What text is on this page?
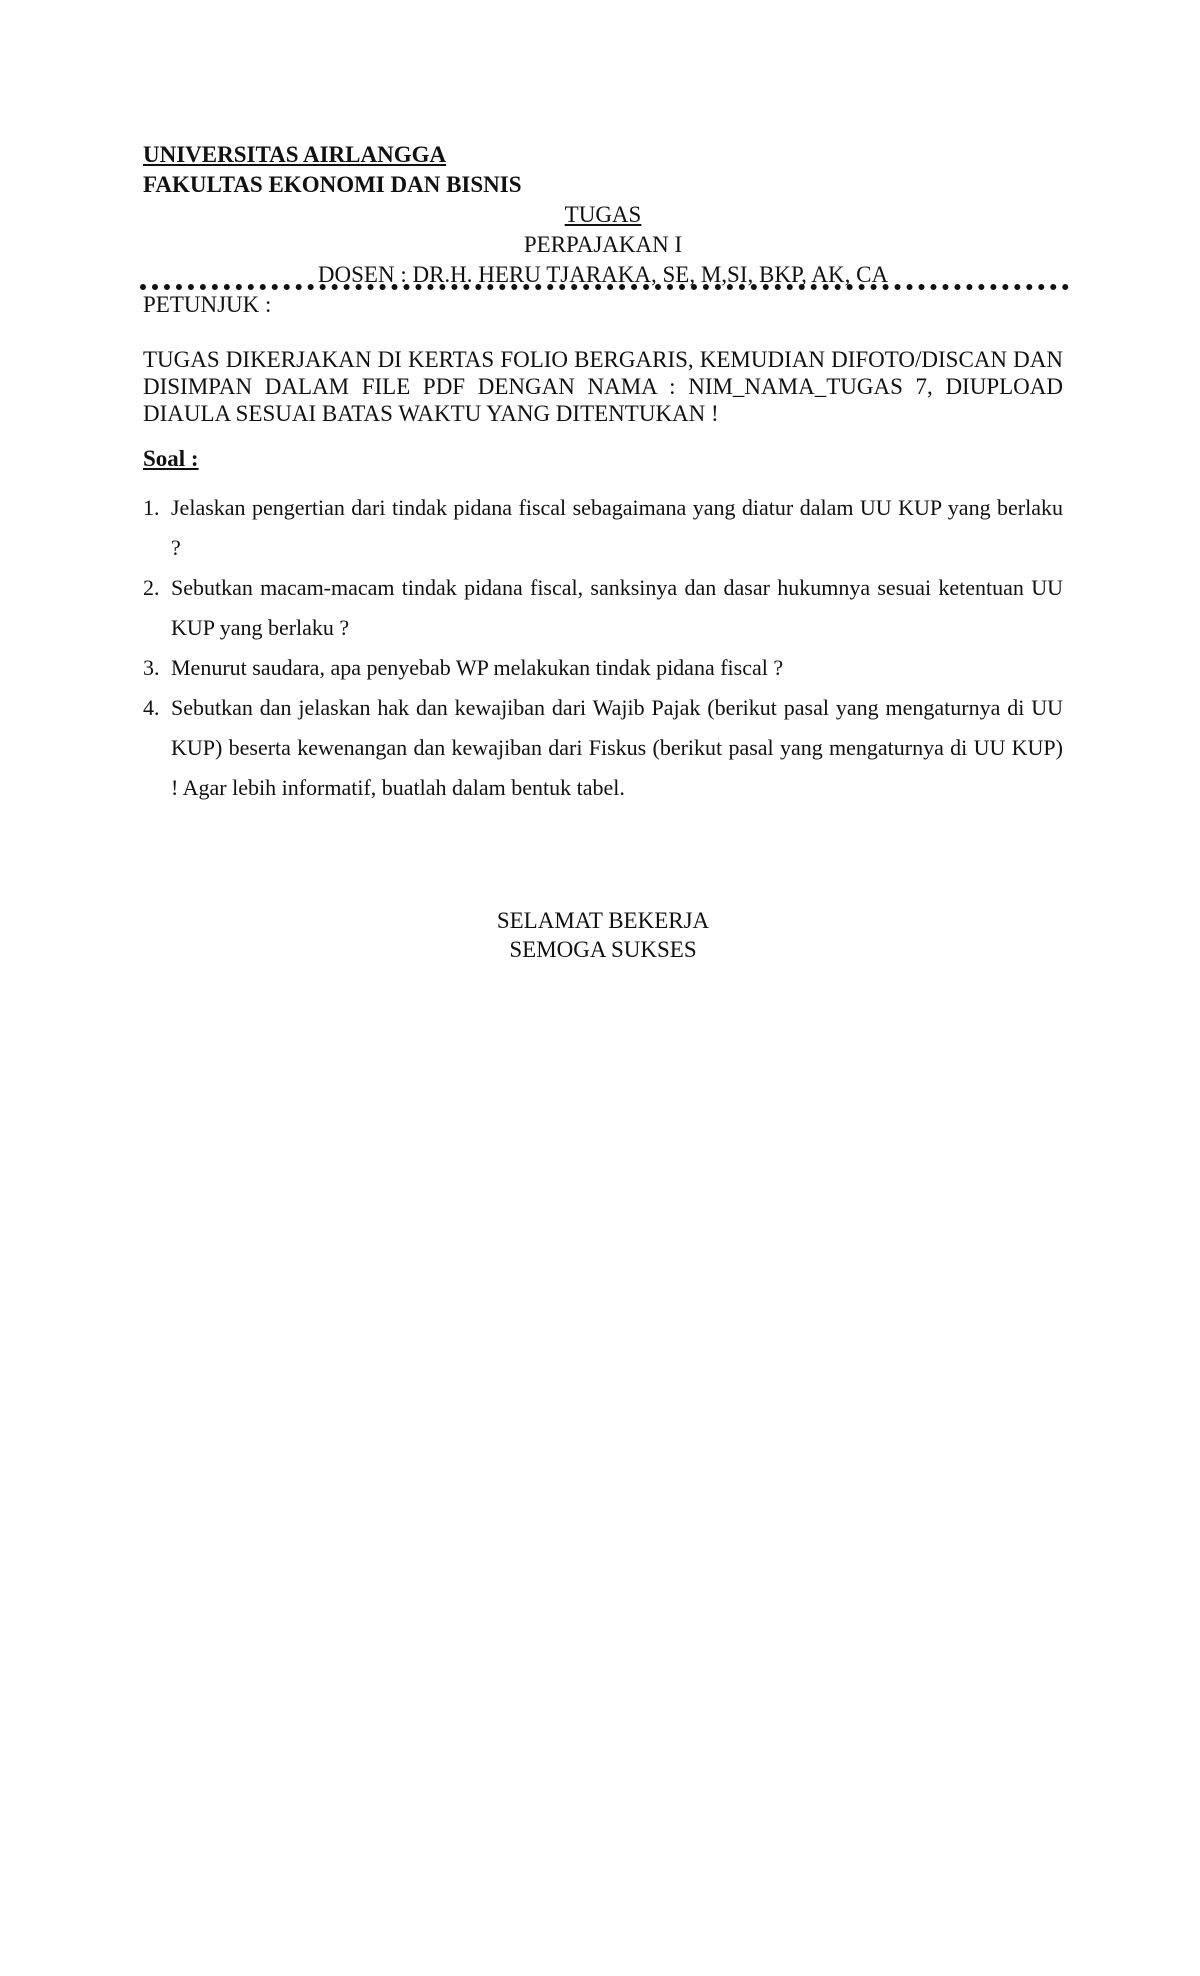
UNIVERSITAS AIRLANGGA

FAKULTAS EKONOMI DAN BISNIS

TUGAS

PERPAJAKAN I

DOSEN : DR.H. HERU TJARAKA, SE, M,SI, BKP, AK, CA

PETUNJUK :

TUGAS DIKERJAKAN DI KERTAS FOLIO BERGARIS, KEMUDIAN DIFOTO/DISCAN DAN DISIMPAN DALAM FILE PDF DENGAN NAMA : NIM_NAMA_TUGAS 7, DIUPLOAD DIAULA SESUAI BATAS WAKTU YANG DITENTUKAN !

Soal :

1. Jelaskan pengertian dari tindak pidana fiscal sebagaimana yang diatur dalam UU KUP yang berlaku ?
2. Sebutkan macam-macam tindak pidana fiscal, sanksinya dan dasar hukumnya sesuai ketentuan UU KUP yang berlaku ?
3. Menurut saudara, apa penyebab WP melakukan tindak pidana fiscal ?
4. Sebutkan dan jelaskan hak dan kewajiban dari Wajib Pajak (berikut pasal yang mengaturnya di UU KUP) beserta kewenangan dan kewajiban dari Fiskus (berikut pasal yang mengaturnya di UU KUP) ! Agar lebih informatif, buatlah dalam bentuk tabel.

SELAMAT BEKERJA

SEMOGA SUKSES
